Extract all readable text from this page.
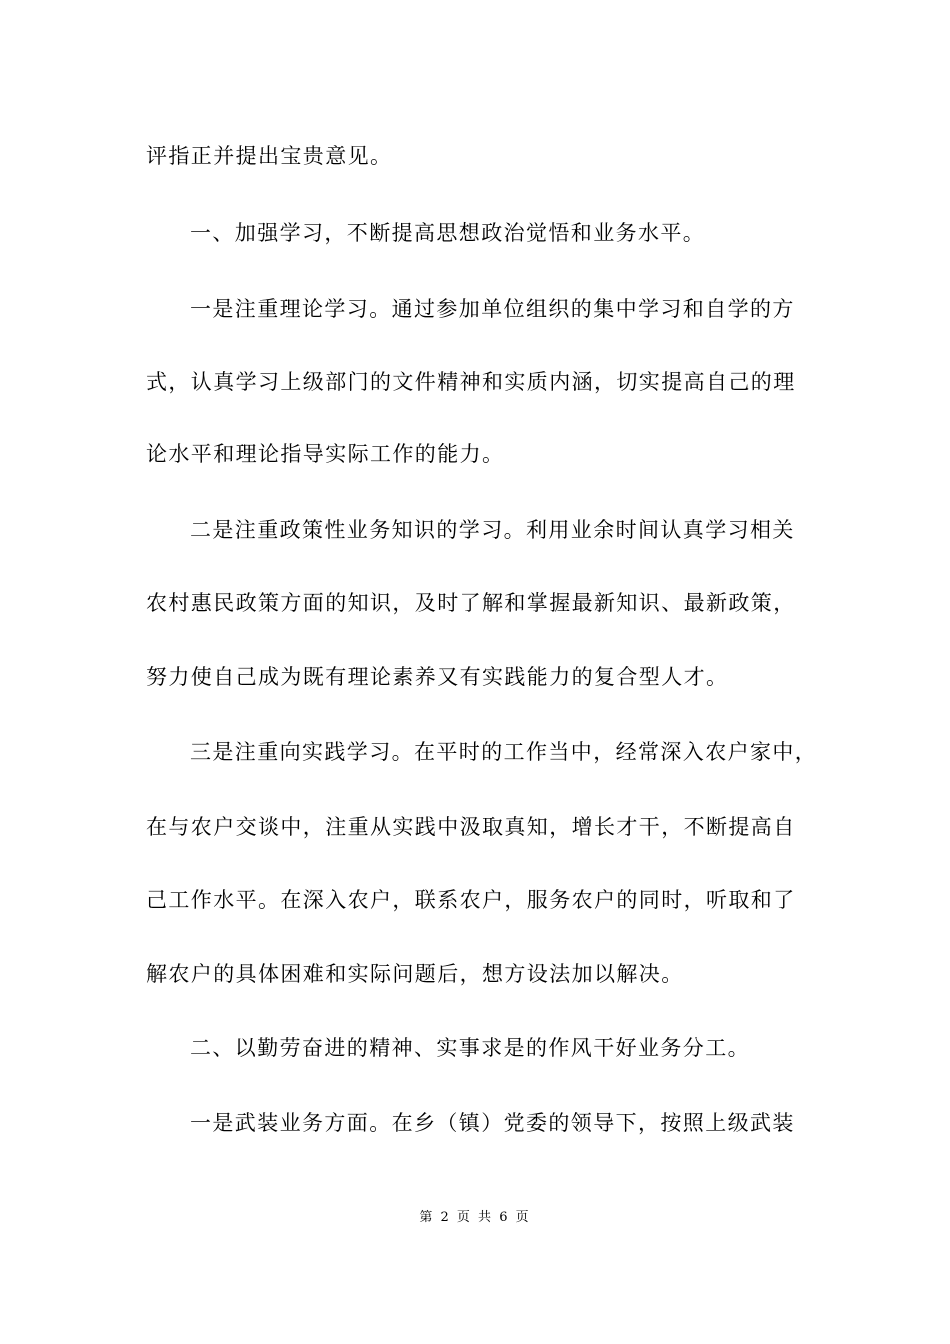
评指正并提出宝贵意见。
一、加强学习，不断提高思想政治觉悟和业务水平。
一是注重理论学习。通过参加单位组织的集中学习和自学的方
式，认真学习上级部门的文件精神和实质内涵，切实提高自己的理
论水平和理论指导实际工作的能力。
二是注重政策性业务知识的学习。利用业余时间认真学习相关
农村惠民政策方面的知识，及时了解和掌握最新知识、最新政策，
努力使自己成为既有理论素养又有实践能力的复合型人才。
三是注重向实践学习。在平时的工作当中，经常深入农户家中，
在与农户交谈中，注重从实践中汲取真知，增长才干，不断提高自
己工作水平。在深入农户，联系农户，服务农户的同时，听取和了
解农户的具体困难和实际问题后，想方设法加以解决。
二、以勤劳奋进的精神、实事求是的作风干好业务分工。
一是武装业务方面。在乡（镇）党委的领导下，按照上级武装
第 2 页 共 6 页
